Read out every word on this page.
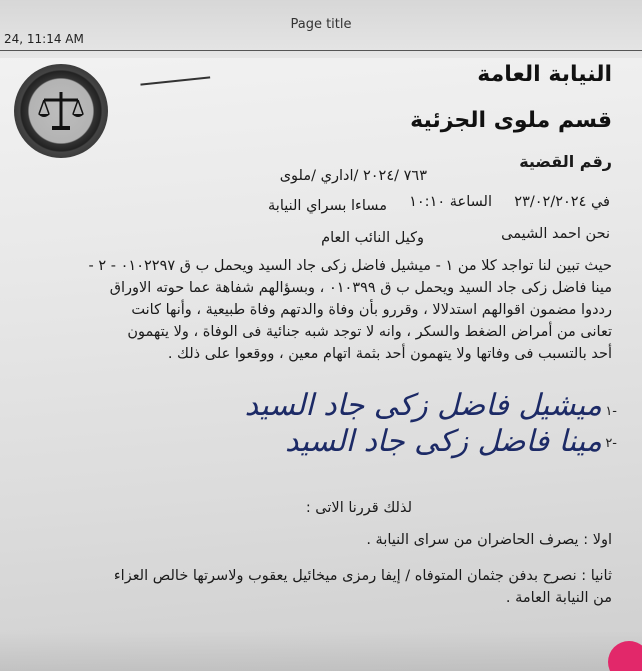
Page title
24, 11:14 AM
النيابة العامة
قسم ملوى الجزئية
رقم القضية
٧٦٣ /٢٠٢٤ /اداري /ملوى
في ٢٣/٠٢/٢٠٢٤
الساعة ١٠:١٠
مساءا بسراي النيابة
نحن احمد الشيمى
وكيل النائب العام
حيث تبين لنا تواجد كلا من ١ - ميشيل فاضل زكى جاد السيد ويحمل ب ق ٠١٠٢٢٩٧ - ٢ -
مينا فاضل زكى جاد السيد ويحمل ب ق ٠١٠٣٩٩ ، وبسؤالهم شفاهة عما حوته الاوراق
رددوا مضمون اقوالهم استدلالا ، وقررو بأن وفاة والدتهم وفاة طبيعية ، وأنها كانت
تعانى من أمراض الضغط والسكر ، وانه لا توجد شبه جنائية فى الوفاة ، ولا يتهمون
أحد بالتسبب فى وفاتها ولا يتهمون أحد بثمة اتهام معين ، ووقعوا على ذلك .
١-
ميشيل فاضل زكى جاد السيد
٢-
مينا فاضل زكى جاد السيد
لذلك قررنا الاتى :
اولا : يصرف الحاضران من سراى النيابة .
ثانيا : نصرح بدفن جثمان المتوفاه / إيفا رمزى ميخائيل يعقوب ولاسرتها خالص العزاء
من النيابة العامة .
